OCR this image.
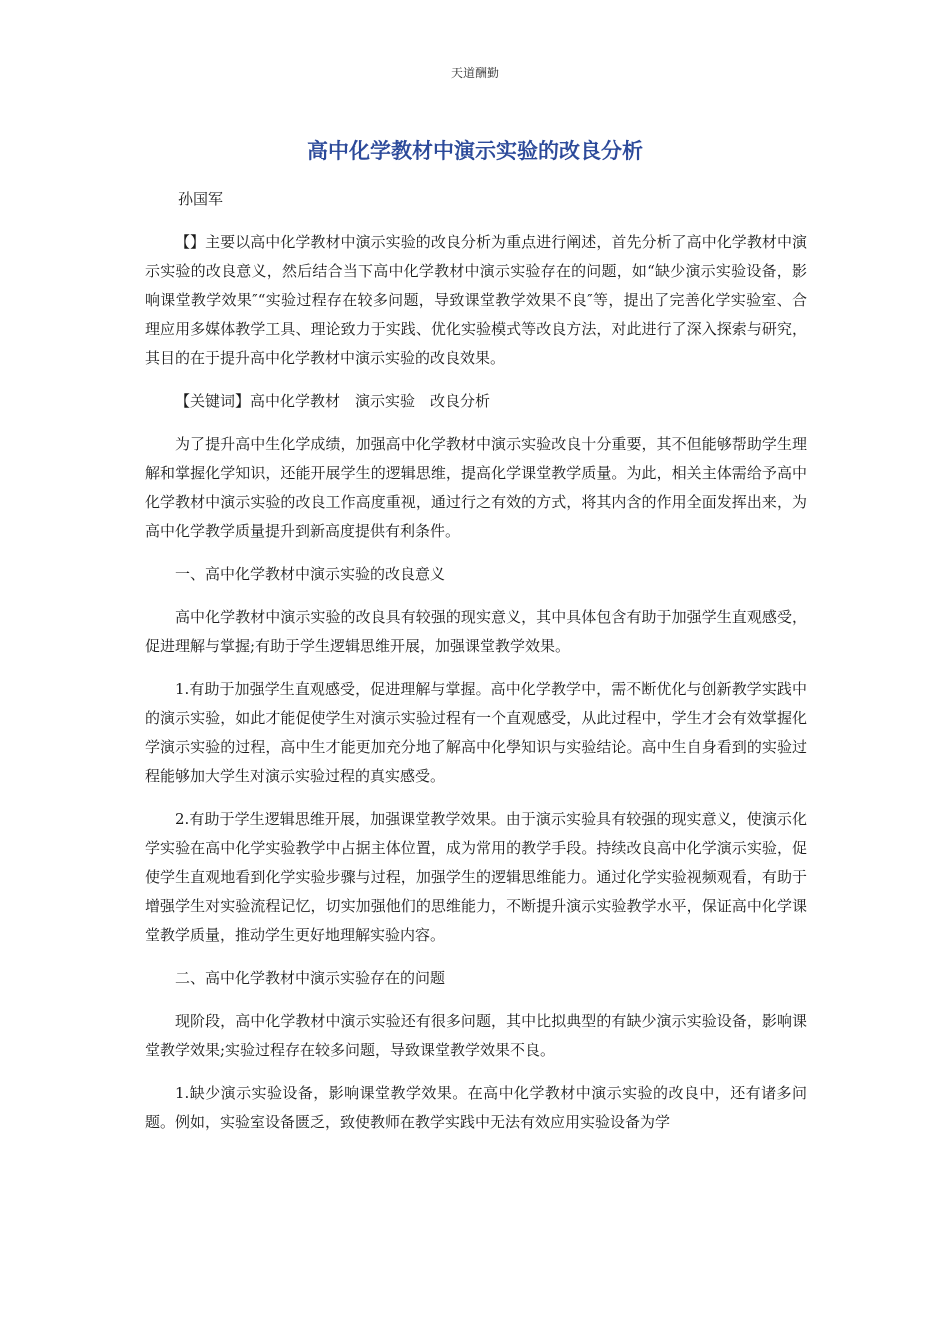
天道酬勤
高中化学教材中演示实验的改良分析
孙国军

【】主要以高中化学教材中演示实验的改良分析为重点进行阐述，首先分析了高中化学教材中演示实验的改良意义，然后结合当下高中化学教材中演示实验存在的问题，如“缺少演示实验设备，影响课堂教学效果″“实验过程存在较多问题，导致课堂教学效果不良″等，提出了完善化学实验室、合理应用多媒体教学工具、理论致力于实践、优化实验模式等改良方法，对此进行了深入探索与研究，其目的在于提升高中化学教材中演示实验的改良效果。

【关键词】高中化学教材　演示实验　改良分析

为了提升高中生化学成绩，加强高中化学教材中演示实验改良十分重要，其不但能够帮助学生理解和掌握化学知识，还能开展学生的逻辑思维，提高化学课堂教学质量。为此，相关主体需给予高中化学教材中演示实验的改良工作高度重视，通过行之有效的方式，将其内含的作用全面发挥出来，为高中化学教学质量提升到新高度提供有利条件。

一、高中化学教材中演示实验的改良意义

高中化学教材中演示实验的改良具有较强的现实意义，其中具体包含有助于加强学生直观感受，促进理解与掌握;有助于学生逻辑思维开展，加强课堂教学效果。

1.有助于加强学生直观感受，促进理解与掌握。高中化学教学中，需不断优化与创新教学实践中的演示实验，如此才能促使学生对演示实验过程有一个直观感受，从此过程中，学生才会有效掌握化学演示实验的过程，高中生才能更加充分地了解高中化學知识与实验结论。高中生自身看到的实验过程能够加大学生对演示实验过程的真实感受。

2.有助于学生逻辑思维开展，加强课堂教学效果。由于演示实验具有较强的现实意义，使演示化学实验在高中化学实验教学中占据主体位置，成为常用的教学手段。持续改良高中化学演示实验，促使学生直观地看到化学实验步骤与过程，加强学生的逻辑思维能力。通过化学实验视频观看，有助于增强学生对实验流程记忆，切实加强他们的思维能力，不断提升演示实验教学水平，保证高中化学课堂教学质量，推动学生更好地理解实验内容。

二、高中化学教材中演示实验存在的问题

现阶段，高中化学教材中演示实验还有很多问题，其中比拟典型的有缺少演示实验设备，影响课堂教学效果;实验过程存在较多问题，导致课堂教学效果不良。

1.缺少演示实验设备，影响课堂教学效果。在高中化学教材中演示实验的改良中，还有诸多问题。例如，实验室设备匮乏，致使教师在教学实践中无法有效应用实验设备为学
